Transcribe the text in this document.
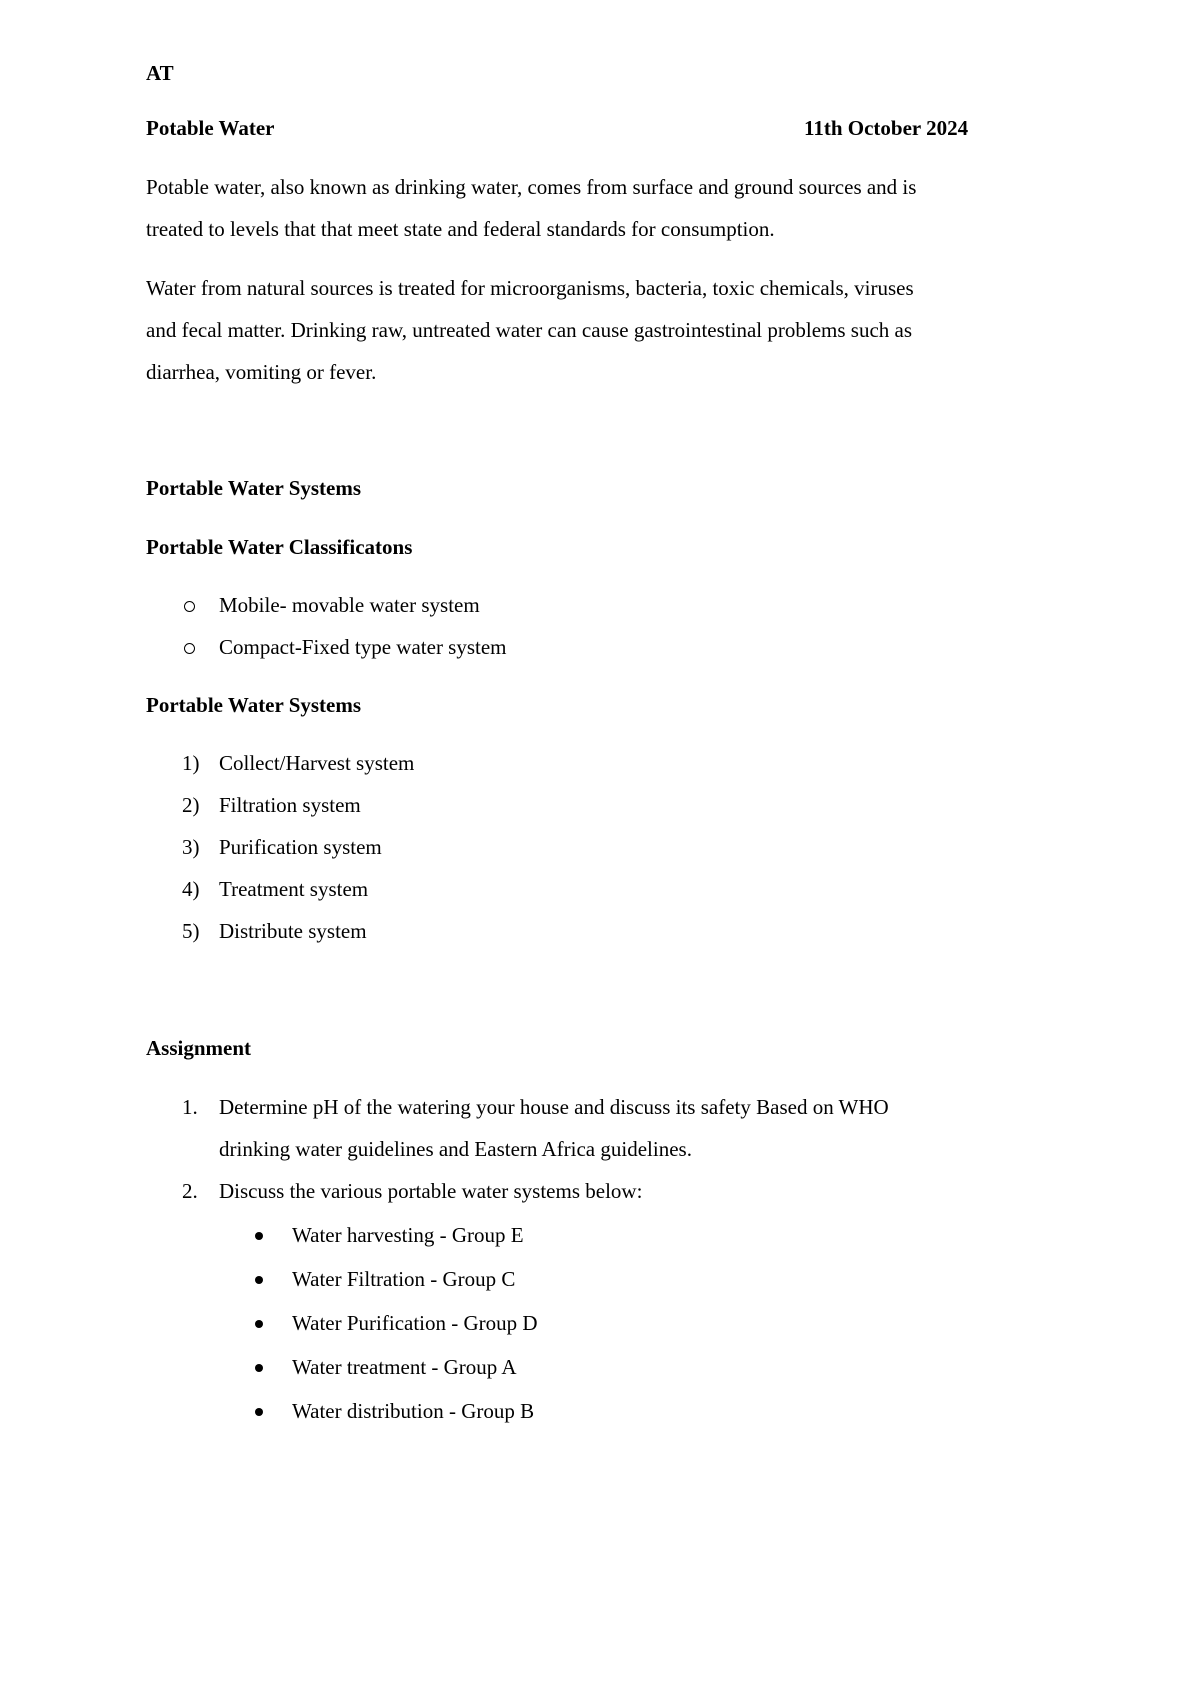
AT
Potable Water	11th October 2024
Potable water, also known as drinking water, comes from surface and ground sources and is
treated to levels that that meet state and federal standards for consumption.
Water from natural sources is treated for microorganisms, bacteria, toxic chemicals, viruses
and fecal matter. Drinking raw, untreated water can cause gastrointestinal problems such as
diarrhea, vomiting or fever.
Portable Water Systems
Portable Water Classificatons
Mobile- movable water system
Compact-Fixed type water system
Portable Water Systems
1) Collect/Harvest system
2) Filtration system
3) Purification system
4) Treatment system
5) Distribute system
Assignment
1. Determine pH of the watering your house and discuss its safety Based on WHO
drinking water guidelines and Eastern Africa guidelines.
2. Discuss the various portable water systems below:
Water harvesting - Group E
Water Filtration - Group C
Water Purification - Group D
Water treatment - Group A
Water distribution - Group B
